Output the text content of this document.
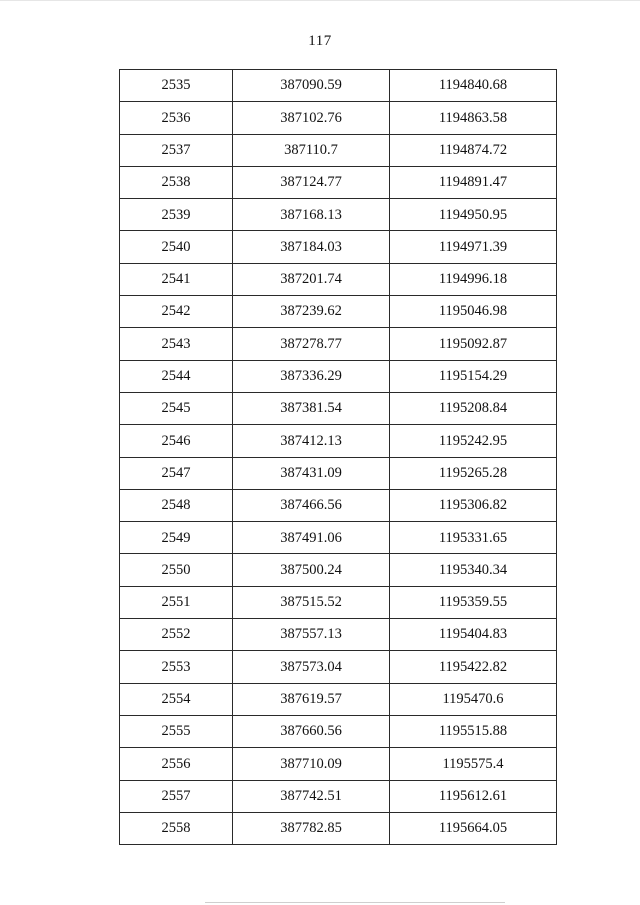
117
2535	387090.59	1194840.68
2536	387102.76	1194863.58
2537	387110.7	1194874.72
2538	387124.77	1194891.47
2539	387168.13	1194950.95
2540	387184.03	1194971.39
2541	387201.74	1194996.18
2542	387239.62	1195046.98
2543	387278.77	1195092.87
2544	387336.29	1195154.29
2545	387381.54	1195208.84
2546	387412.13	1195242.95
2547	387431.09	1195265.28
2548	387466.56	1195306.82
2549	387491.06	1195331.65
2550	387500.24	1195340.34
2551	387515.52	1195359.55
2552	387557.13	1195404.83
2553	387573.04	1195422.82
2554	387619.57	1195470.6
2555	387660.56	1195515.88
2556	387710.09	1195575.4
2557	387742.51	1195612.61
2558	387782.85	1195664.05
